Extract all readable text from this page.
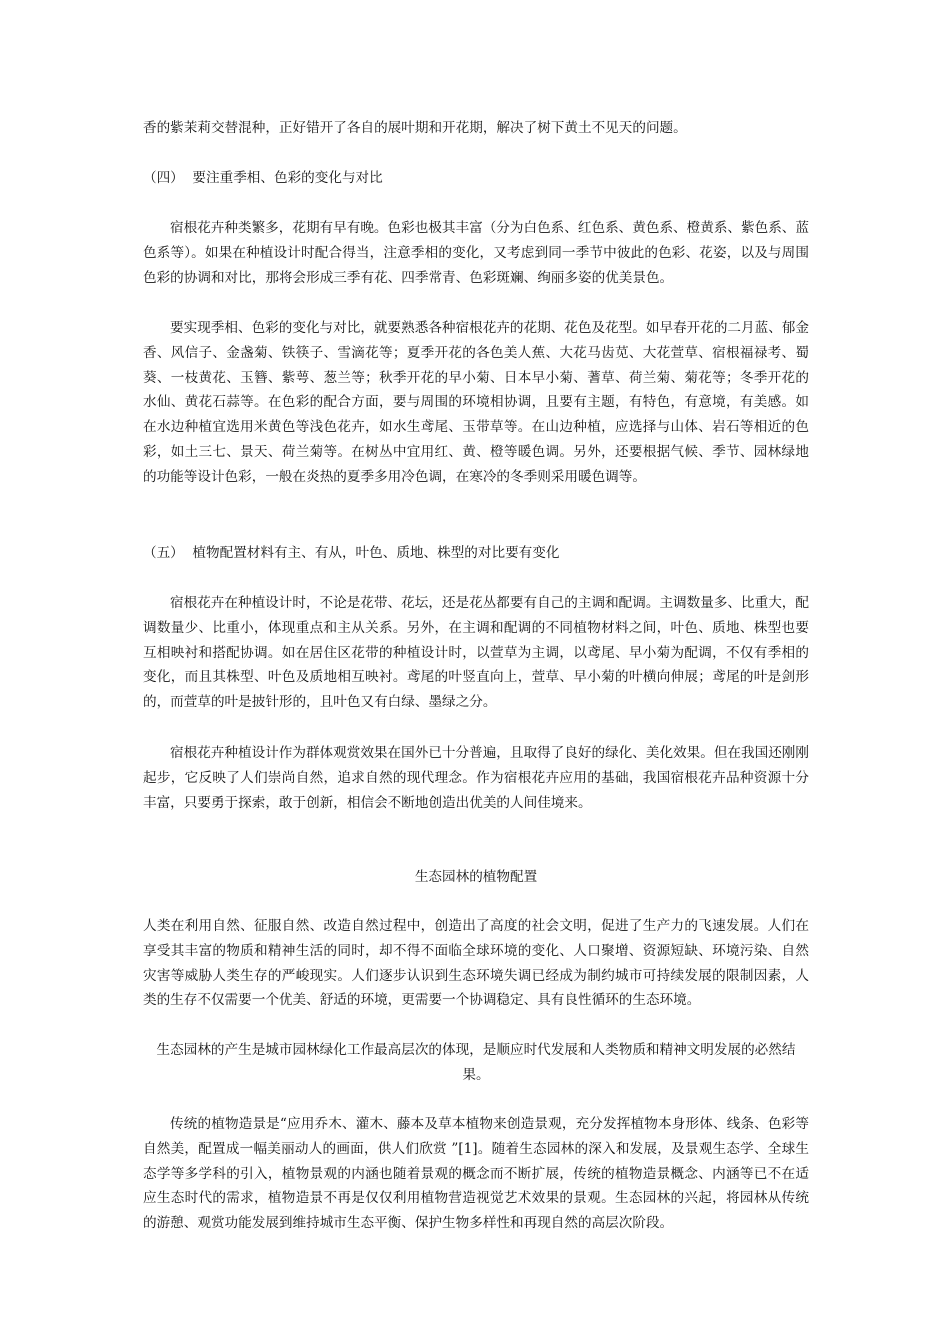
香的紫茉莉交替混种，正好错开了各自的展叶期和开花期，解决了树下黄土不见天的问题。

（四）  要注重季相、色彩的变化与对比

宿根花卉种类繁多，花期有早有晚。色彩也极其丰富（分为白色系、红色系、黄色系、橙黄系、紫色系、蓝色系等）。如果在种植设计时配合得当，注意季相的变化，又考虑到同一季节中彼此的色彩、花姿，以及与周围色彩的协调和对比，那将会形成三季有花、四季常青、色彩斑斓、绚丽多姿的优美景色。

要实现季相、色彩的变化与对比，就要熟悉各种宿根花卉的花期、花色及花型。如早春开花的二月蓝、郁金香、风信子、金盏菊、铁筷子、雪滴花等；夏季开花的各色美人蕉、大花马齿苋、大花萱草、宿根福禄考、蜀葵、一枝黄花、玉簪、紫萼、葱兰等；秋季开花的早小菊、日本早小菊、蓍草、荷兰菊、菊花等；冬季开花的水仙、黄花石蒜等。在色彩的配合方面，要与周围的环境相协调，且要有主题，有特色，有意境，有美感。如在水边种植宜选用米黄色等浅色花卉，如水生鸢尾、玉带草等。在山边种植，应选择与山体、岩石等相近的色彩，如土三七、景天、荷兰菊等。在树丛中宜用红、黄、橙等暖色调。另外，还要根据气候、季节、园林绿地的功能等设计色彩，一般在炎热的夏季多用冷色调，在寒冷的冬季则采用暖色调等。

（五）  植物配置材料有主、有从，叶色、质地、株型的对比要有变化

宿根花卉在种植设计时，不论是花带、花坛，还是花丛都要有自己的主调和配调。主调数量多、比重大，配调数量少、比重小，体现重点和主从关系。另外，在主调和配调的不同植物材料之间，叶色、质地、株型也要互相映衬和搭配协调。如在居住区花带的种植设计时，以萱草为主调，以鸢尾、早小菊为配调，不仅有季相的变化，而且其株型、叶色及质地相互映衬。鸢尾的叶竖直向上，萱草、早小菊的叶横向伸展；鸢尾的叶是剑形的，而萱草的叶是披针形的，且叶色又有白绿、墨绿之分。

宿根花卉种植设计作为群体观赏效果在国外已十分普遍，且取得了良好的绿化、美化效果。但在我国还刚刚起步，它反映了人们崇尚自然，追求自然的现代理念。作为宿根花卉应用的基础，我国宿根花卉品种资源十分丰富，只要勇于探索，敢于创新，相信会不断地创造出优美的人间佳境来。

生态园林的植物配置

人类在利用自然、征服自然、改造自然过程中，创造出了高度的社会文明，促进了生产力的飞速发展。人们在享受其丰富的物质和精神生活的同时，却不得不面临全球环境的变化、人口聚增、资源短缺、环境污染、自然灾害等威胁人类生存的严峻现实。人们逐步认识到生态环境失调已经成为制约城市可持续发展的限制因素，人类的生存不仅需要一个优美、舒适的环境，更需要一个协调稳定、具有良性循环的生态环境。

生态园林的产生是城市园林绿化工作最高层次的体现，是顺应时代发展和人类物质和精神文明发展的必然结果。

传统的植物造景是“应用乔木、灌木、藤本及草本植物来创造景观，充分发挥植物本身形体、线条、色彩等自然美，配置成一幅美丽动人的画面，供人们欣赏 ”[1]。随着生态园林的深入和发展，及景观生态学、全球生态学等多学科的引入，植物景观的内涵也随着景观的概念而不断扩展，传统的植物造景概念、内涵等已不在适应生态时代的需求，植物造景不再是仅仅利用植物营造视觉艺术效果的景观。生态园林的兴起，将园林从传统的游憩、观赏功能发展到维持城市生态平衡、保护生物多样性和再现自然的高层次阶段。
